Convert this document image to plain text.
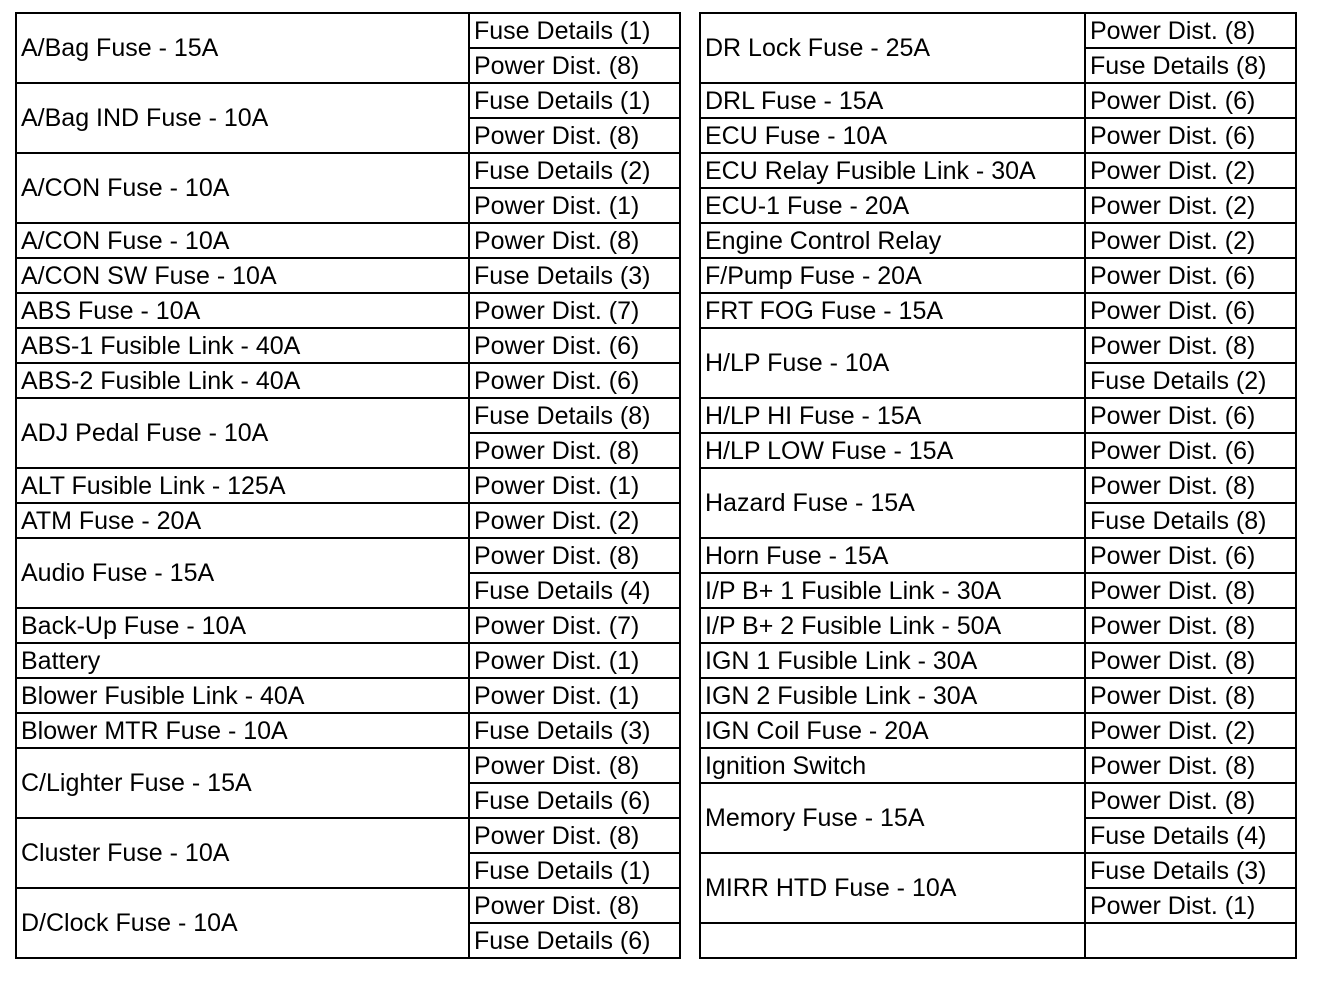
A/Bag Fuse - 15A	Fuse Details (1)
	Power Dist. (8)
A/Bag IND Fuse - 10A	Fuse Details (1)
	Power Dist. (8)
A/CON Fuse - 10A	Fuse Details (2)
	Power Dist. (1)
A/CON Fuse - 10A	Power Dist. (8)
A/CON SW Fuse - 10A	Fuse Details (3)
ABS Fuse - 10A	Power Dist. (7)
ABS-1 Fusible Link - 40A	Power Dist. (6)
ABS-2 Fusible Link - 40A	Power Dist. (6)
ADJ Pedal Fuse - 10A	Fuse Details (8)
	Power Dist. (8)
ALT Fusible Link - 125A	Power Dist. (1)
ATM Fuse - 20A	Power Dist. (2)
Audio Fuse - 15A	Power Dist. (8)
	Fuse Details (4)
Back-Up Fuse - 10A	Power Dist. (7)
Battery	Power Dist. (1)
Blower Fusible Link - 40A	Power Dist. (1)
Blower MTR Fuse - 10A	Fuse Details (3)
C/Lighter Fuse - 15A	Power Dist. (8)
	Fuse Details (6)
Cluster Fuse - 10A	Power Dist. (8)
	Fuse Details (1)
D/Clock Fuse - 10A	Power Dist. (8)
	Fuse Details (6)
DR Lock Fuse - 25A	Power Dist. (8)
	Fuse Details (8)
DRL Fuse - 15A	Power Dist. (6)
ECU Fuse - 10A	Power Dist. (6)
ECU Relay Fusible Link - 30A	Power Dist. (2)
ECU-1 Fuse - 20A	Power Dist. (2)
Engine Control Relay	Power Dist. (2)
F/Pump Fuse - 20A	Power Dist. (6)
FRT FOG Fuse - 15A	Power Dist. (6)
H/LP Fuse - 10A	Power Dist. (8)
	Fuse Details (2)
H/LP HI Fuse - 15A	Power Dist. (6)
H/LP LOW Fuse - 15A	Power Dist. (6)
Hazard Fuse - 15A	Power Dist. (8)
	Fuse Details (8)
Horn Fuse - 15A	Power Dist. (6)
I/P B+ 1 Fusible Link - 30A	Power Dist. (8)
I/P B+ 2 Fusible Link - 50A	Power Dist. (8)
IGN 1 Fusible Link - 30A	Power Dist. (8)
IGN 2 Fusible Link - 30A	Power Dist. (8)
IGN Coil Fuse - 20A	Power Dist. (2)
Ignition Switch	Power Dist. (8)
Memory Fuse - 15A	Power Dist. (8)
	Fuse Details (4)
MIRR HTD Fuse - 10A	Fuse Details (3)
	Power Dist. (1)
